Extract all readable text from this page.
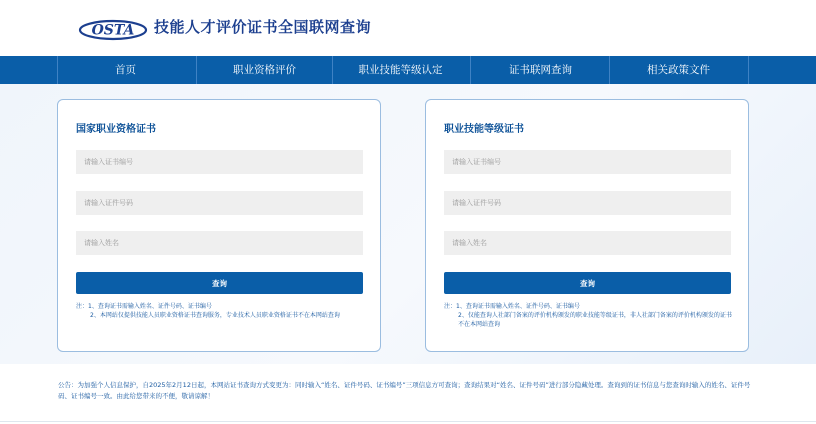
OSTA 技能人才评价证书全国联网查询
首页	职业资格评价	职业技能等级认定	证书联网查询	相关政策文件
国家职业资格证书
请输入证书编号
请输入证件号码
请输入姓名
查询
注：1、查询证书需输入姓名、证件号码、证书编号
2、本网站仅提供技能人员职业资格证书查询服务，专业技术人员职业资格证书不在本网站查询
职业技能等级证书
请输入证书编号
请输入证件号码
请输入姓名
查询
注：1、查询证书需输入姓名、证件号码、证书编号
2、仅能查询人社部门备案的评价机构颁发的职业技能等级证书，非人社部门备案的评价机构颁发的证书不在本网站查询
公告：为加强个人信息保护，自2025年2月12日起，本网站证书查询方式变更为：同时输入“姓名、证件号码、证书编号”三项信息方可查询；查询结果对“姓名、证件号码”进行部分隐藏处理。查询到的证书信息与您查询时输入的姓名、证件号码、证书编号一致。由此给您带来的不便，敬请谅解！
